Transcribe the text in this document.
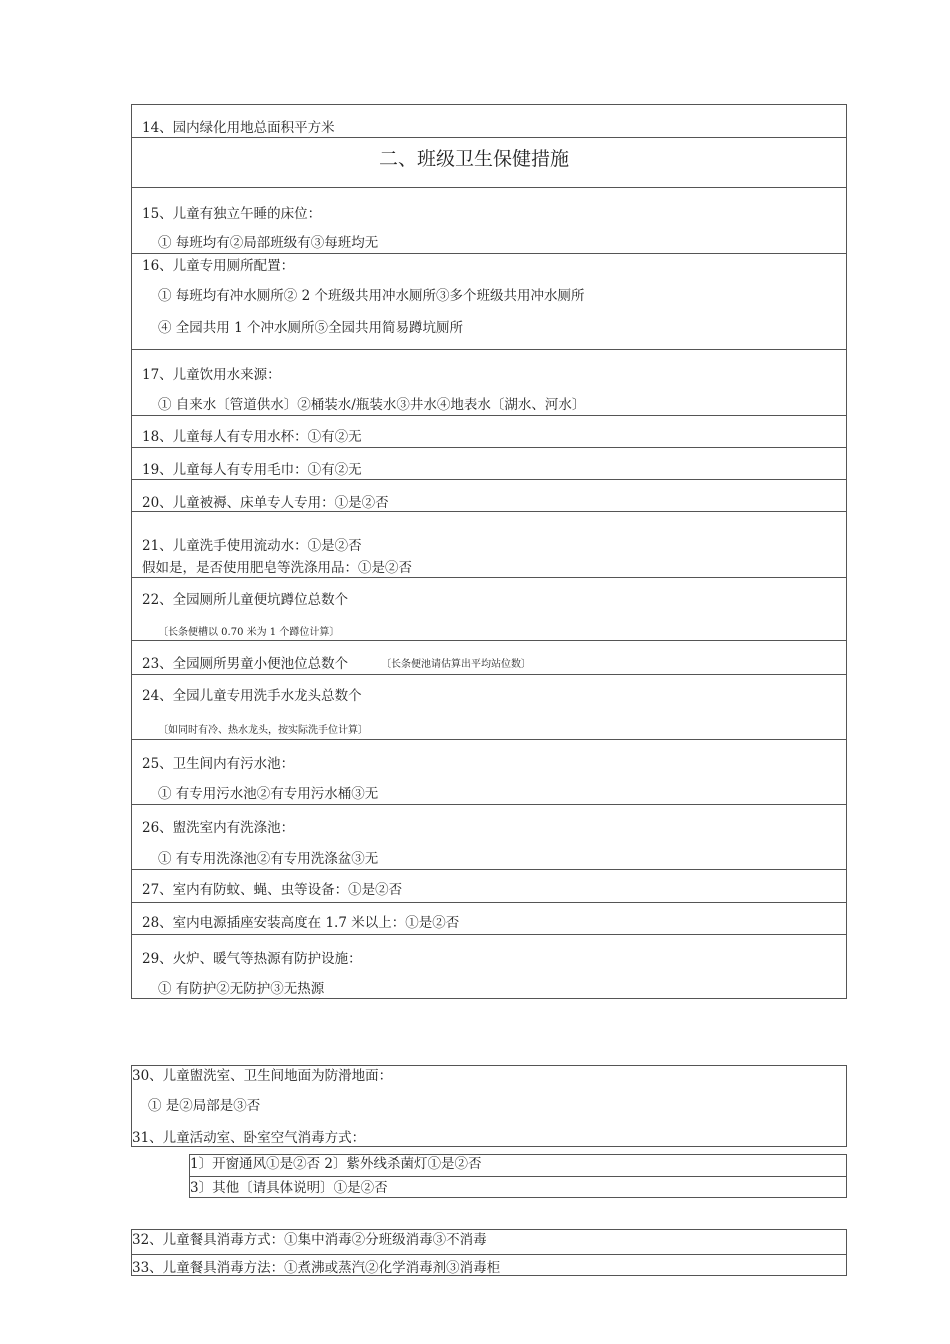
14、园内绿化用地总面积平方米
二、班级卫生保健措施
15、儿童有独立午睡的床位：
① 每班均有②局部班级有③每班均无
16、儿童专用厕所配置：
① 每班均有冲水厕所② 2 个班级共用冲水厕所③多个班级共用冲水厕所
④ 全园共用 1 个冲水厕所⑤全园共用简易蹲坑厕所
17、儿童饮用水来源：
① 自来水〔管道供水〕②桶装水/瓶装水③井水④地表水〔湖水、河水〕
18、儿童每人有专用水杯：①有②无
19、儿童每人有专用毛巾：①有②无
20、儿童被褥、床单专人专用：①是②否
21、儿童洗手使用流动水：①是②否
假如是，是否使用肥皂等洗涤用品：①是②否
22、全园厕所儿童便坑蹲位总数个
〔长条便槽以 0.70 米为 1 个蹲位计算〕
23、全园厕所男童小便池位总数个	〔长条便池请估算出平均站位数〕
24、全园儿童专用洗手水龙头总数个
〔如同时有冷、热水龙头，按实际洗手位计算〕
25、卫生间内有污水池：
① 有专用污水池②有专用污水桶③无
26、盥洗室内有洗涤池：
① 有专用洗涤池②有专用洗涤盆③无
27、室内有防蚊、蝇、虫等设备：①是②否
28、室内电源插座安装高度在 1.7 米以上：①是②否
29、火炉、暖气等热源有防护设施：
① 有防护②无防护③无热源
30、儿童盥洗室、卫生间地面为防滑地面：
① 是②局部是③否
31、儿童活动室、卧室空气消毒方式：
1〕开窗通风①是②否 2〕紫外线杀菌灯①是②否
3〕其他〔请具体说明〕①是②否
32、儿童餐具消毒方式：①集中消毒②分班级消毒③不消毒
33、儿童餐具消毒方法：①煮沸或蒸汽②化学消毒剂③消毒柜
